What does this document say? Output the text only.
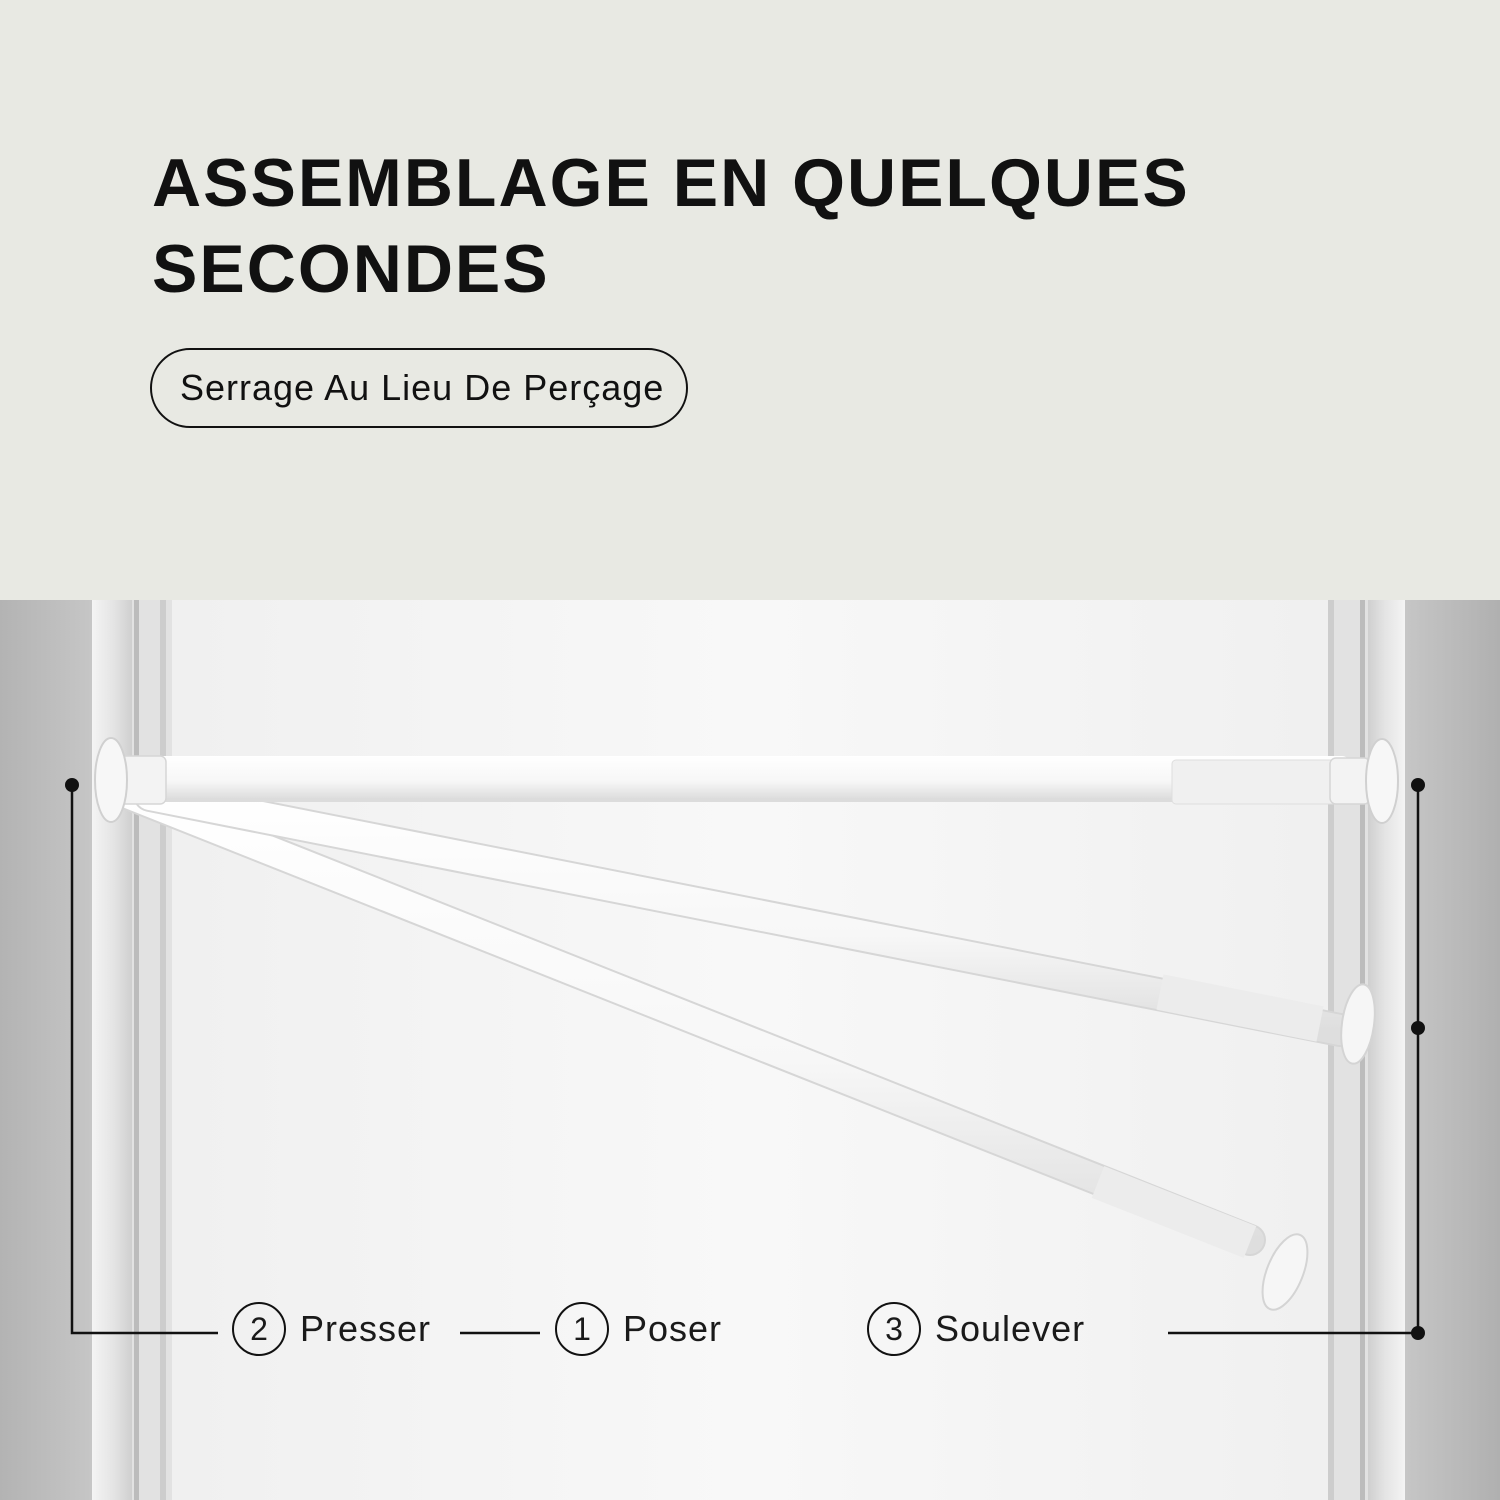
ASSEMBLAGE EN QUELQUES
SECONDES
Serrage Au Lieu De Perçage
2 Presser	1 Poser	3 Soulever
